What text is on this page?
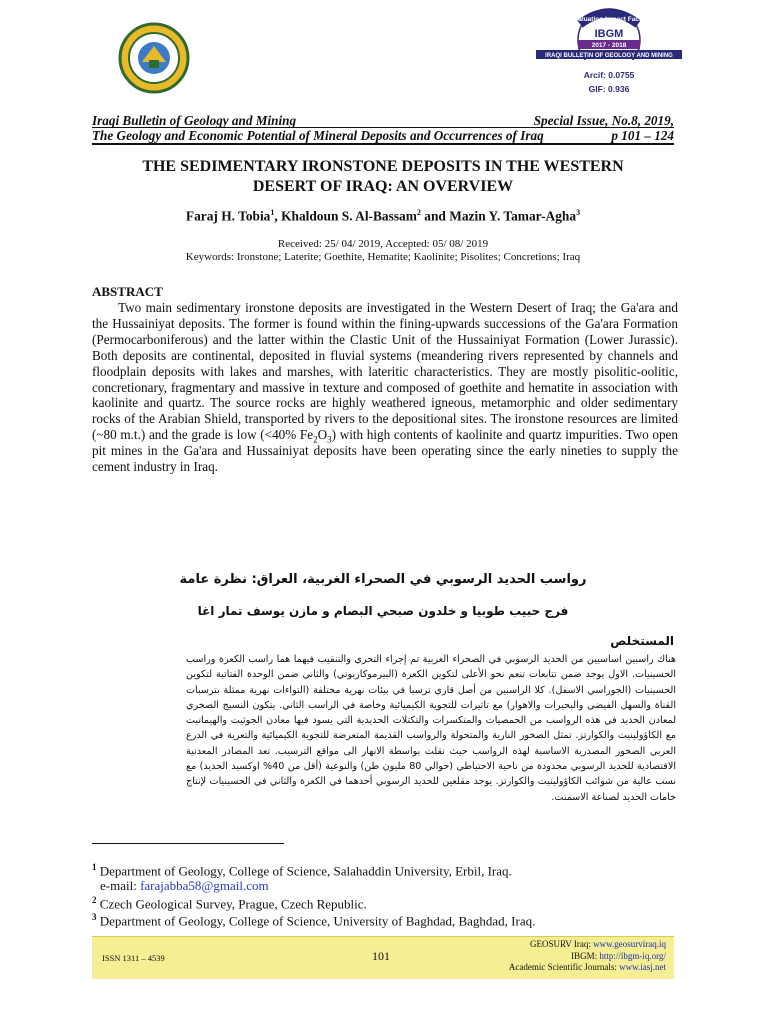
Evaluating Impact Factor
IBGM
2017 - 2018
IRAQI BULLETIN OF GEOLOGY AND MINING
Arcif: 0.0755
GIF: 0.936
Iraqi Bulletin of Geology and Mining	Special Issue, No.8, 2019,
The Geology and Economic Potential of Mineral Deposits and Occurrences of Iraq	p 101 – 124
THE SEDIMENTARY IRONSTONE DEPOSITS IN THE WESTERN
DESERT OF IRAQ: AN OVERVIEW
Faraj H. Tobia$^1$, Khaldoun S. Al-Bassam$^2$ and Mazin Y. Tamar-Agha$^3$
Received: 25/ 04/ 2019, Accepted: 05/ 08/ 2019
Keywords: Ironstone; Laterite; Goethite, Hematite; Kaolinite; Pisolites; Concretions; Iraq
ABSTRACT
Two main sedimentary ironstone deposits are investigated in the Western Desert of Iraq; the Ga'ara and the Hussainiyat deposits. The former is found within the fining-upwards successions of the Ga'ara Formation (Permocarboniferous) and the latter within the Clastic Unit of the Hussainiyat Formation (Lower Jurassic). Both deposits are continental, deposited in fluvial systems (meandering rivers represented by channels and floodplain deposits with lakes and marshes, with lateritic characteristics. They are mostly pisolitic-oolitic, concretionary, fragmentary and massive in texture and composed of goethite and hematite in association with kaolinite and quartz. The source rocks are highly weathered igneous, metamorphic and older sedimentary rocks of the Arabian Shield, transported by rivers to the depositional sites. The ironstone resources are limited (~80 m.t.) and the grade is low (<40% $Fe_2O_3$) with high contents of kaolinite and quartz impurities. Two open pit mines in the Ga'ara and Hussainiyat deposits have been operating since the early nineties to supply the cement industry in Iraq.
رواسب الحديد الرسوبي في الصحراء الغربية، العراق: نظرة عامة
فرج حبيب طوبيا و خلدون صبحي البصام و مازن يوسف تمار اغا
المستخلص
هناك راسبين اساسيين من الحديد الرسوبي في الصحراء الغربية تم إجراء التحري والتنقيب فيهما هما راسب الكعرة وراسب الحسينيات. الاول يوجد ضمن تتابعات تنعم نحو الأعلى لتكوين الكعرة (البيرموكاربوني) والثاني ضمن الوحدة الفتاتية لتكوين الحسينيات (الجوراسي الاسفل). كلا الراسبين من أصل قاري ترسبا في بيئات نهرية مختلفة (التواءات نهرية ممثلة بترسبات القناة والسهل الفيضي والبحيرات والاهوار) مع تاثيرات للتجوية الكيميائية وخاصة في الراسب الثاني. يتكون النسيج الصخري لمعادن الحديد في هذه الرواسب من الحمصيات والمتكسرات والتكتلات الحديدية التي يسود فيها معادن الجوثيت والهيماتيت مع الكاؤولينيت والكوارتز. تمثل الصخور النارية والمتحولة والرواسب القديمة المتعرضة للتجوية الكيميائية والتعرية في الدرع العربي الصخور المصدرية الاساسية لهذه الرواسب حيث نقلت بواسطة الانهار الى مواقع الترسيب. تعد المصادر المعدنية الاقتصادية للحديد الرسوبي محدودة من ناحية الاحتياطي (حوالي 80 مليون طن) والنوعية (أقل من 40% اوكسيد الحديد) مع نسب عالية من شوائب الكاؤولينيت والكوارتز. يوجد مقلعين للحديد الرسوبي أحدهما في الكعرة والثاني في الحسينيات لإنتاج خامات الحديد لصناعة الاسمنت.
$^1$ Department of Geology, College of Science, Salahaddin University, Erbil, Iraq.
e-mail: farajabba58@gmail.com
$^2$ Czech Geological Survey, Prague, Czech Republic.
$^3$ Department of Geology, College of Science, University of Baghdad, Baghdad, Iraq.
ISSN 1311 – 4539	101
GEOSURV Iraq: www.geosurviraq.iq
IBGM: http://ibgm-iq.org/
Academic Scientific Journals: www.iasj.net
